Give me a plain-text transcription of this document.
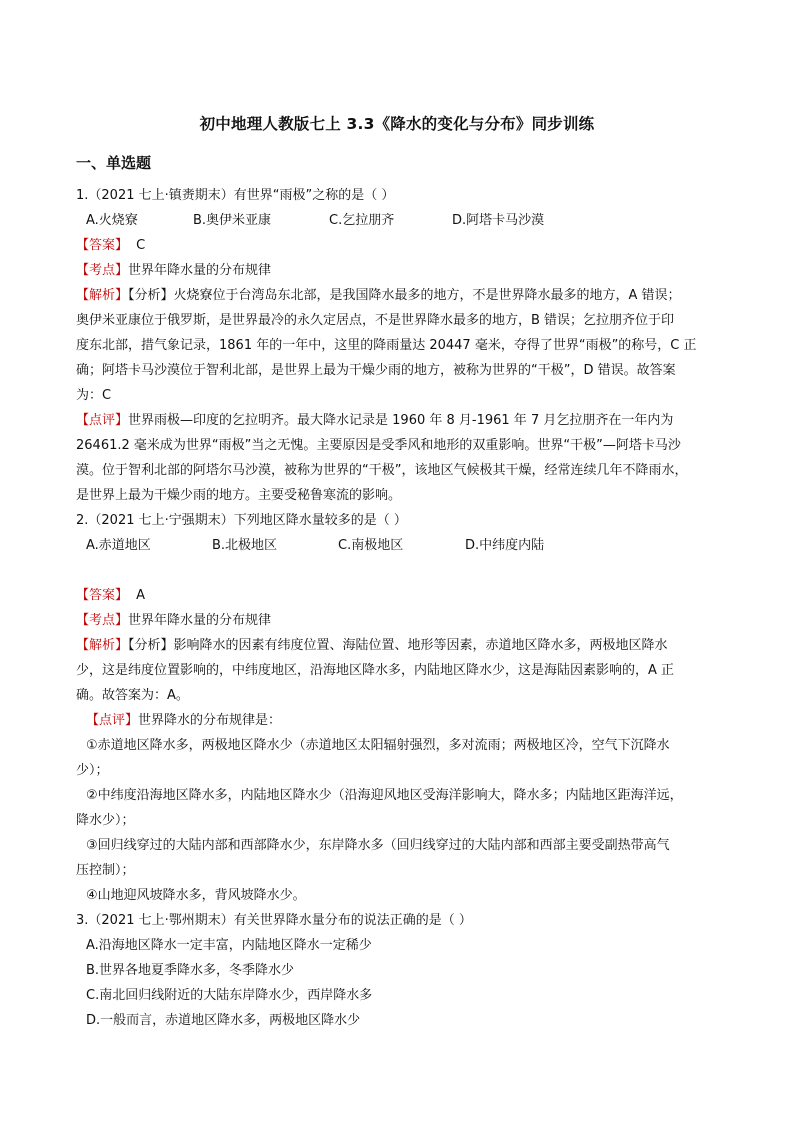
初中地理人教版七上 3.3《降水的变化与分布》同步训练
一、单选题
1.（2021 七上·镇赉期末）有世界“雨极”之称的是（ ）
A.火烧寮	B.奥伊米亚康	C.乞拉朋齐	D.阿塔卡马沙漠
【答案】 C
【考点】世界年降水量的分布规律
【解析】【分析】火烧寮位于台湾岛东北部，是我国降水最多的地方，不是世界降水最多的地方，A 错误；
奥伊米亚康位于俄罗斯，是世界最冷的永久定居点，不是世界降水最多的地方，B 错误；乞拉朋齐位于印
度东北部，措气象记录，1861 年的一年中，这里的降雨量达 20447 毫米，夺得了世界“雨极”的称号，C 正
确；阿塔卡马沙漠位于智利北部，是世界上最为干燥少雨的地方，被称为世界的“干极”，D 错误。故答案
为：C
【点评】世界雨极—印度的乞拉明齐。最大降水记录是 1960 年 8 月-1961 年 7 月乞拉朋齐在一年内为
26461.2 毫米成为世界“雨极”当之无愧。主要原因是受季风和地形的双重影响。世界“干极”—阿塔卡马沙
漠。位于智利北部的阿塔尔马沙漠，被称为世界的“干极”，该地区气候极其干燥，经常连续几年不降雨水，
是世界上最为干燥少雨的地方。主要受秘鲁寒流的影响。
2.（2021 七上·宁强期末）下列地区降水量较多的是（ ）
A.赤道地区	B.北极地区	C.南极地区	D.中纬度内陆
【答案】 A
【考点】世界年降水量的分布规律
【解析】【分析】影响降水的因素有纬度位置、海陆位置、地形等因素，赤道地区降水多，两极地区降水
少，这是纬度位置影响的，中纬度地区，沿海地区降水多，内陆地区降水少，这是海陆因素影响的，A 正
确。故答案为：A。
【点评】世界降水的分布规律是：
①赤道地区降水多，两极地区降水少（赤道地区太阳辐射强烈，多对流雨；两极地区冷，空气下沉降水
少）；
②中纬度沿海地区降水多，内陆地区降水少（沿海迎风地区受海洋影响大，降水多；内陆地区距海洋远，
降水少）；
③回归线穿过的大陆内部和西部降水少，东岸降水多（回归线穿过的大陆内部和西部主要受副热带高气
压控制）；
④山地迎风坡降水多，背风坡降水少。
3.（2021 七上·鄂州期末）有关世界降水量分布的说法正确的是（ ）
A.沿海地区降水一定丰富，内陆地区降水一定稀少
B.世界各地夏季降水多，冬季降水少
C.南北回归线附近的大陆东岸降水少，西岸降水多
D.一般而言，赤道地区降水多，两极地区降水少
